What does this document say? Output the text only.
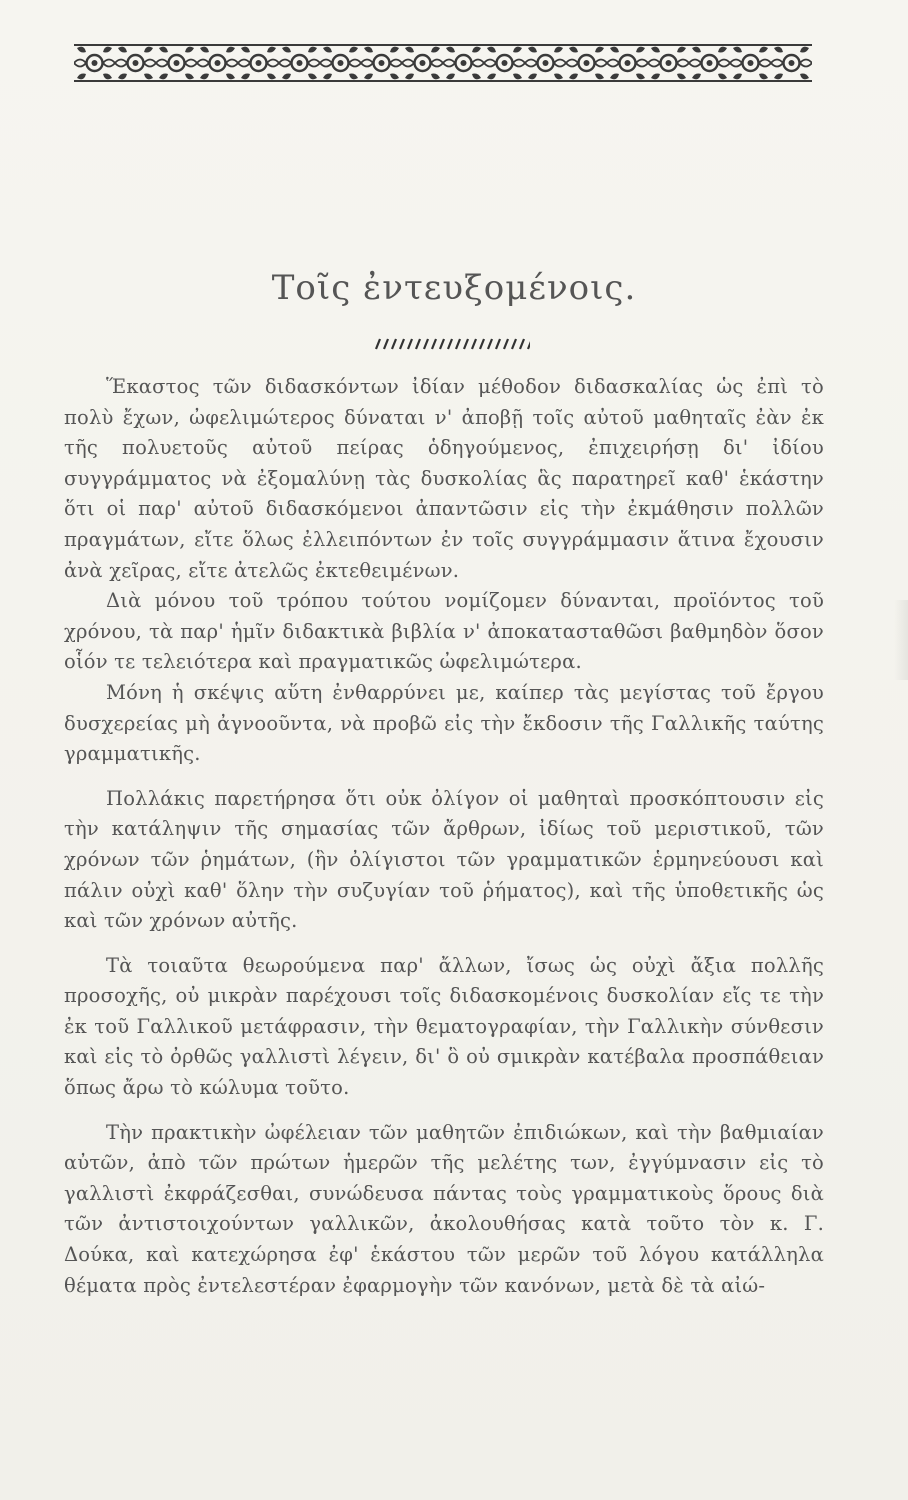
Τοῖς ἐντευξομένοις.

Ἕκαστος τῶν διδασκόντων ἰδίαν μέθοδον διδασκαλίας ὡς ἐπὶ τὸ πολὺ ἔχων, ὠφελιμώτερος δύναται ν' ἀποβῇ τοῖς αὐτοῦ μαθηταῖς ἐὰν ἐκ τῆς πολυετοῦς αὐτοῦ πείρας ὁδηγούμενος, ἐπιχειρήσῃ δι' ἰδίου συγγράμματος νὰ ἐξομαλύνῃ τὰς δυσκολίας ἃς παρατηρεῖ καθ' ἑκάστην ὅτι οἱ παρ' αὐτοῦ διδασκόμενοι ἀπαντῶσιν εἰς τὴν ἐκμάθησιν πολλῶν πραγμάτων, εἴτε ὅλως ἐλλειπόντων ἐν τοῖς συγγράμμασιν ἅτινα ἔχουσιν ἀνὰ χεῖρας, εἴτε ἀτελῶς ἐκτεθειμένων.

Διὰ μόνου τοῦ τρόπου τούτου νομίζομεν δύνανται, προϊόντος τοῦ χρόνου, τὰ παρ' ἡμῖν διδακτικὰ βιβλία ν' ἀποκατασταθῶσι βαθμηδὸν ὅσον οἷόν τε τελειότερα καὶ πραγματικῶς ὠφελιμώτερα.

Μόνη ἡ σκέψις αὕτη ἐνθαρρύνει με, καίπερ τὰς μεγίστας τοῦ ἔργου δυσχερείας μὴ ἀγνοοῦντα, νὰ προβῶ εἰς τὴν ἔκδοσιν τῆς Γαλλικῆς ταύτης γραμματικῆς.

Πολλάκις παρετήρησα ὅτι οὐκ ὀλίγον οἱ μαθηταὶ προσκόπτουσιν εἰς τὴν κατάληψιν τῆς σημασίας τῶν ἄρθρων, ἰδίως τοῦ μεριστικοῦ, τῶν χρόνων τῶν ῥημάτων, (ἣν ὀλίγιστοι τῶν γραμματικῶν ἑρμηνεύουσι καὶ πάλιν οὐχὶ καθ' ὅλην τὴν συζυγίαν τοῦ ῥήματος), καὶ τῆς ὑποθετικῆς ὡς καὶ τῶν χρόνων αὐτῆς.

Τὰ τοιαῦτα θεωρούμενα παρ' ἄλλων, ἴσως ὡς οὐχὶ ἄξια πολλῆς προσοχῆς, οὐ μικρὰν παρέχουσι τοῖς διδασκομένοις δυσκολίαν εἴς τε τὴν ἐκ τοῦ Γαλλικοῦ μετάφρασιν, τὴν θεματογραφίαν, τὴν Γαλλικὴν σύνθεσιν καὶ εἰς τὸ ὀρθῶς γαλλιστὶ λέγειν, δι' ὃ οὐ σμικρὰν κατέβαλα προσπάθειαν ὅπως ἄρω τὸ κώλυμα τοῦτο.

Τὴν πρακτικὴν ὠφέλειαν τῶν μαθητῶν ἐπιδιώκων, καὶ τὴν βαθμιαίαν αὐτῶν, ἀπὸ τῶν πρώτων ἡμερῶν τῆς μελέτης των, ἐγγύμνασιν εἰς τὸ γαλλιστὶ ἐκφράζεσθαι, συνώδευσα πάντας τοὺς γραμματικοὺς ὅρους διὰ τῶν ἀντιστοιχούντων γαλλικῶν, ἀκολουθήσας κατὰ τοῦτο τὸν κ. Γ. Δούκα, καὶ κατεχώρησα ἐφ' ἑκάστου τῶν μερῶν τοῦ λόγου κατάλληλα θέματα πρὸς ἐντελεστέραν ἐφαρμογὴν τῶν κανόνων, μετὰ δὲ τὰ αἰώ-
